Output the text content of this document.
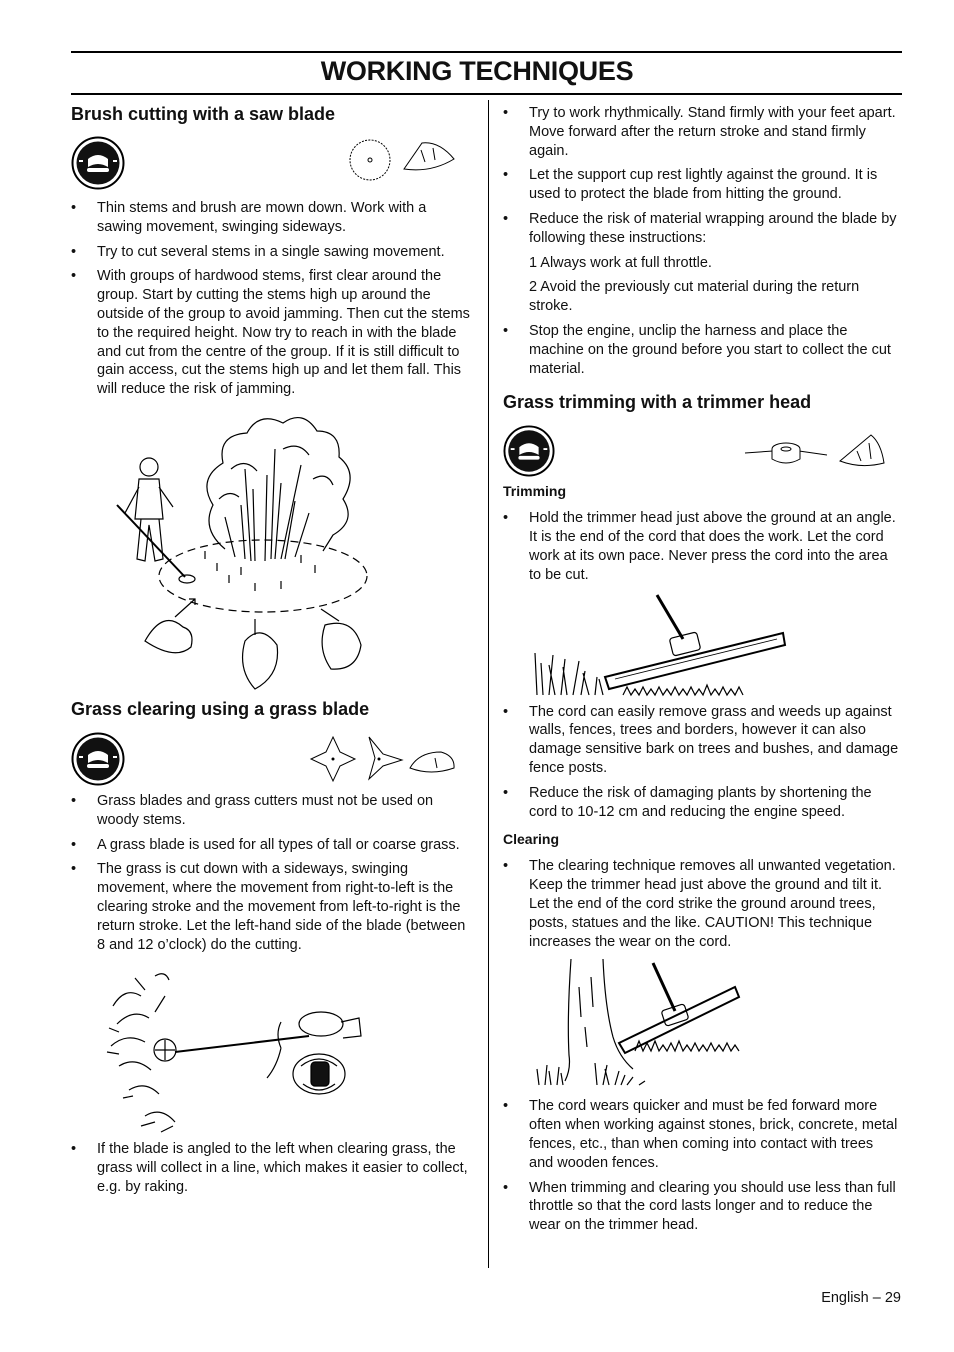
WORKING TECHNIQUES
Brush cutting with a saw blade
• Thin stems and brush are mown down. Work with a sawing movement, swinging sideways.
• Try to cut several stems in a single sawing movement.
• With groups of hardwood stems, first clear around the group. Start by cutting the stems high up around the outside of the group to avoid jamming. Then cut the stems to the required height. Now try to reach in with the blade and cut from the centre of the group. If it is still difficult to gain access, cut the stems high up and let them fall. This will reduce the risk of jamming.
Grass clearing using a grass blade
• Grass blades and grass cutters must not be used on woody stems.
• A grass blade is used for all types of tall or coarse grass.
• The grass is cut down with a sideways, swinging movement, where the movement from right-to-left is the clearing stroke and the movement from left-to-right is the return stroke. Let the left-hand side of the blade (between 8 and 12 o’clock) do the cutting.
• If the blade is angled to the left when clearing grass, the grass will collect in a line, which makes it easier to collect, e.g. by raking.
• Try to work rhythmically. Stand firmly with your feet apart. Move forward after the return stroke and stand firmly again.
• Let the support cup rest lightly against the ground. It is used to protect the blade from hitting the ground.
• Reduce the risk of material wrapping around the blade by following these instructions:

1 Always work at full throttle.

2 Avoid the previously cut material during the return stroke.

• Stop the engine, unclip the harness and place the machine on the ground before you start to collect the cut material.
Grass trimming with a trimmer head
Trimming
• Hold the trimmer head just above the ground at an angle. It is the end of the cord that does the work. Let the cord work at its own pace. Never press the cord into the area to be cut.
• The cord can easily remove grass and weeds up against walls, fences, trees and borders, however it can also damage sensitive bark on trees and bushes, and damage fence posts.
• Reduce the risk of damaging plants by shortening the cord to 10-12 cm and reducing the engine speed.
Clearing
• The clearing technique removes all unwanted vegetation. Keep the trimmer head just above the ground and tilt it. Let the end of the cord strike the ground around trees, posts, statues and the like. CAUTION! This technique increases the wear on the cord.
• The cord wears quicker and must be fed forward more often when working against stones, brick, concrete, metal fences, etc., than when coming into contact with trees and wooden fences.
• When trimming and clearing you should use less than full throttle so that the cord lasts longer and to reduce the wear on the trimmer head.
English – 29
